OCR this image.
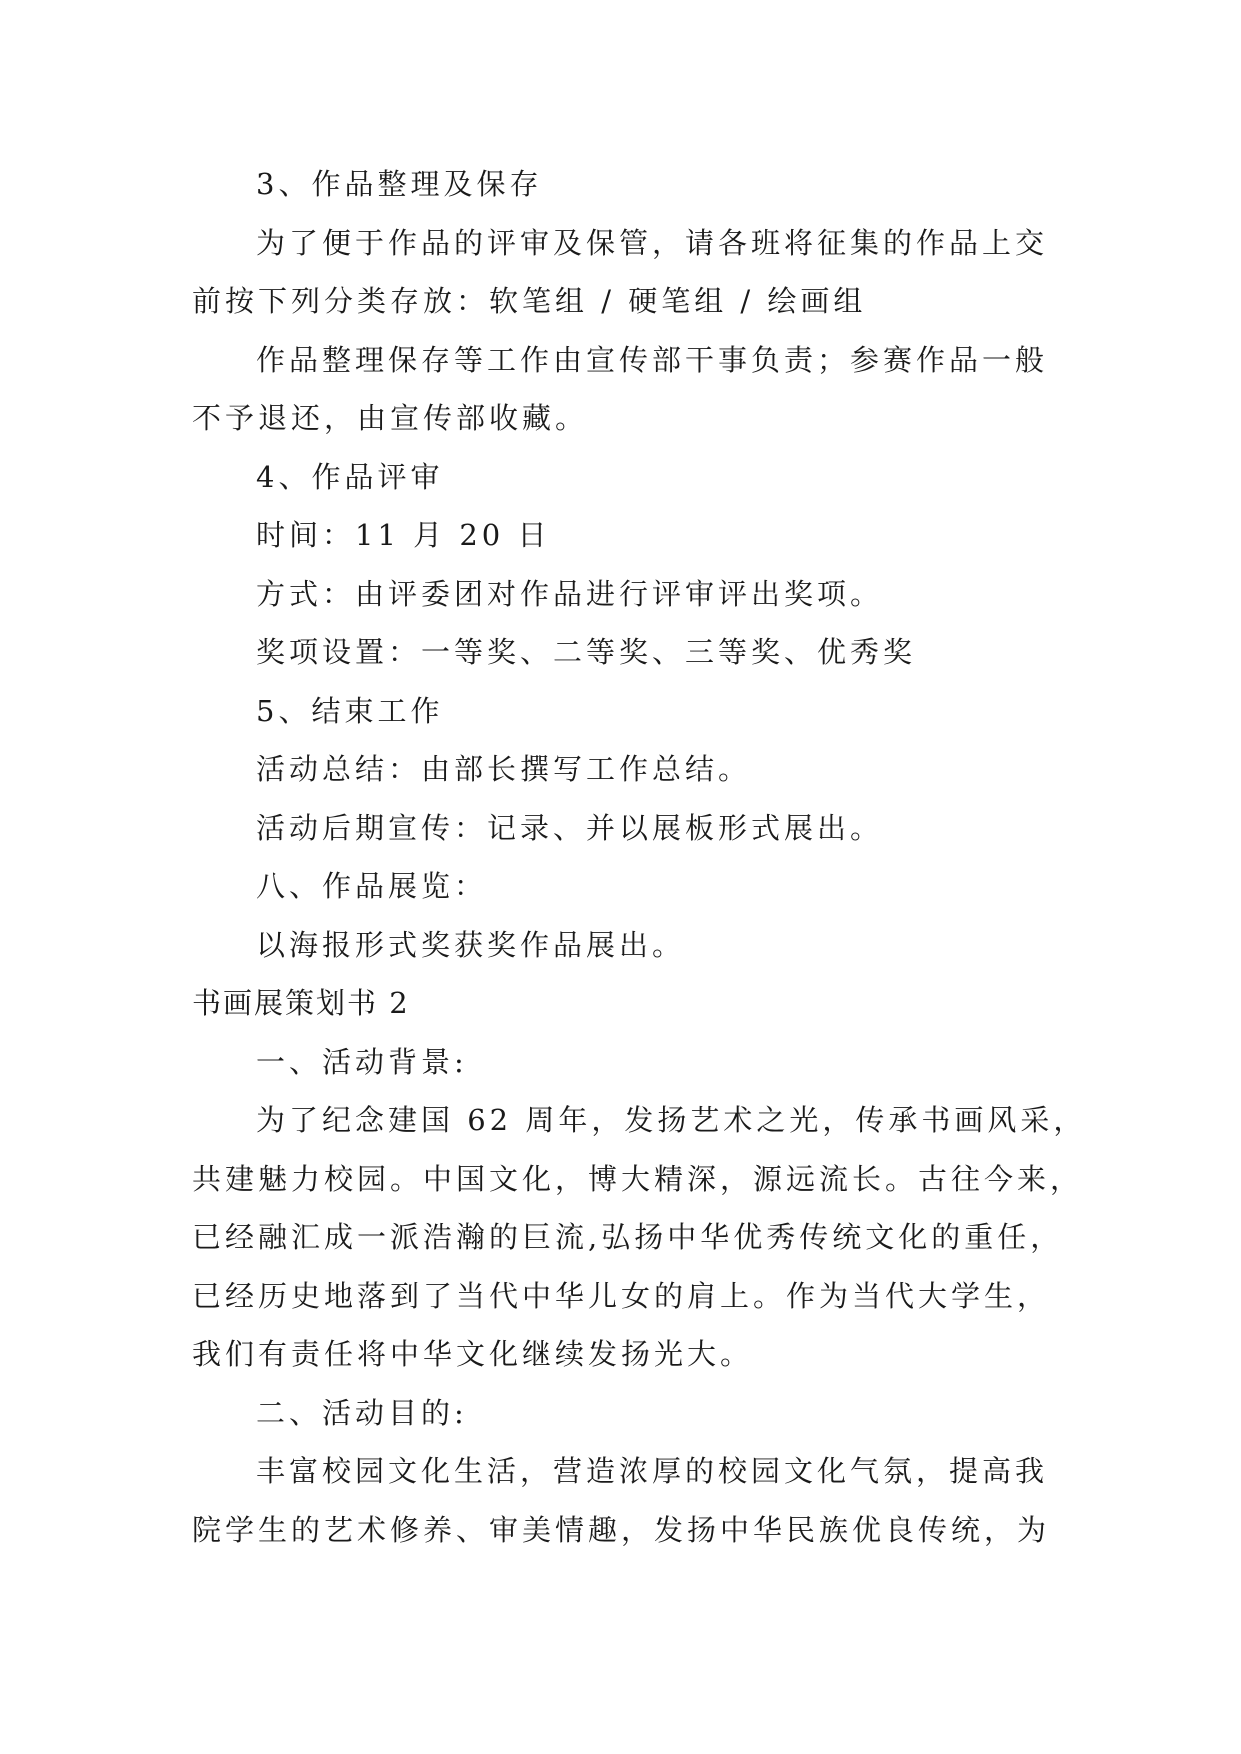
3、作品整理及保存

为了便于作品的评审及保管，请各班将征集的作品上交

前按下列分类存放：软笔组 / 硬笔组 / 绘画组

作品整理保存等工作由宣传部干事负责；参赛作品一般

不予退还，由宣传部收藏。

4、作品评审

时间：11 月 20 日

方式：由评委团对作品进行评审评出奖项。

奖项设置：一等奖、二等奖、三等奖、优秀奖

5、结束工作

活动总结：由部长撰写工作总结。

活动后期宣传：记录、并以展板形式展出。

八、作品展览：

以海报形式奖获奖作品展出。

书画展策划书 2

一、活动背景:

为了纪念建国 62 周年，发扬艺术之光，传承书画风采，

共建魅力校园。中国文化，博大精深，源远流长。古往今来，

已经融汇成一派浩瀚的巨流,弘扬中华优秀传统文化的重任，

已经历史地落到了当代中华儿女的肩上。作为当代大学生，

我们有责任将中华文化继续发扬光大。

二、活动目的:

丰富校园文化生活，营造浓厚的校园文化气氛，提高我

院学生的艺术修养、审美情趣，发扬中华民族优良传统，为
